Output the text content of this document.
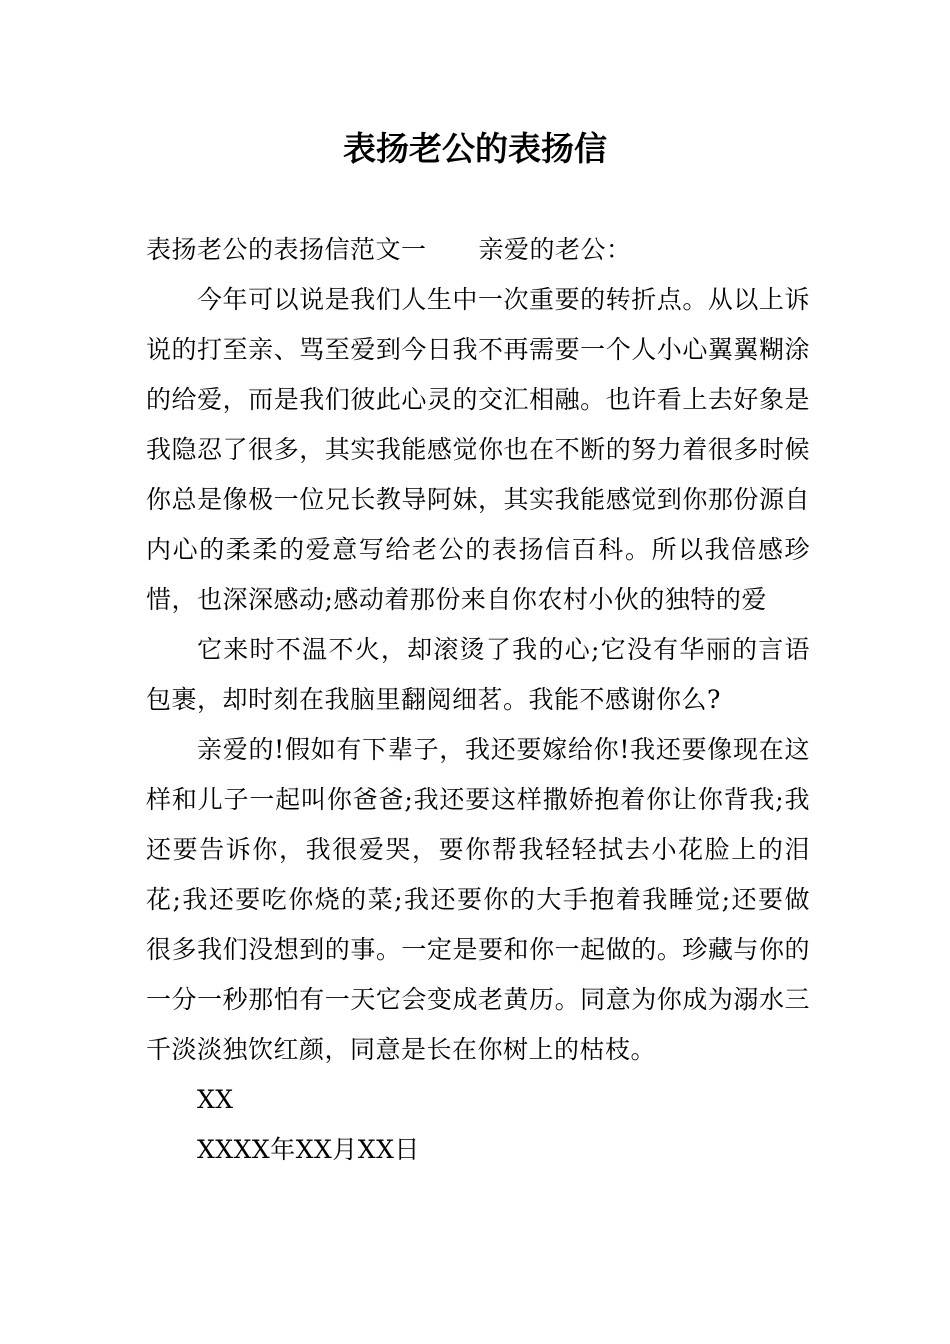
表扬老公的表扬信

表扬老公的表扬信范文一 亲爱的老公：

今年可以说是我们人生中一次重要的转折点。从以上诉说的打至亲、骂至爱到今日我不再需要一个人小心翼翼糊涂的给爱，而是我们彼此心灵的交汇相融。也许看上去好象是我隐忍了很多，其实我能感觉你也在不断的努力着很多时候你总是像极一位兄长教导阿妹，其实我能感觉到你那份源自内心的柔柔的爱意写给老公的表扬信百科。所以我倍感珍惜，也深深感动;感动着那份来自你农村小伙的独特的爱

它来时不温不火，却滚烫了我的心;它没有华丽的言语包裹，却时刻在我脑里翻阅细茗。我能不感谢你么?

亲爱的!假如有下辈子，我还要嫁给你!我还要像现在这样和儿子一起叫你爸爸;我还要这样撒娇抱着你让你背我;我还要告诉你，我很爱哭，要你帮我轻轻拭去小花脸上的泪花;我还要吃你烧的菜;我还要你的大手抱着我睡觉;还要做很多我们没想到的事。一定是要和你一起做的。珍藏与你的一分一秒那怕有一天它会变成老黄历。同意为你成为溺水三千淡淡独饮红颜，同意是长在你树上的枯枝。

XX

XXXX年XX月XX日
